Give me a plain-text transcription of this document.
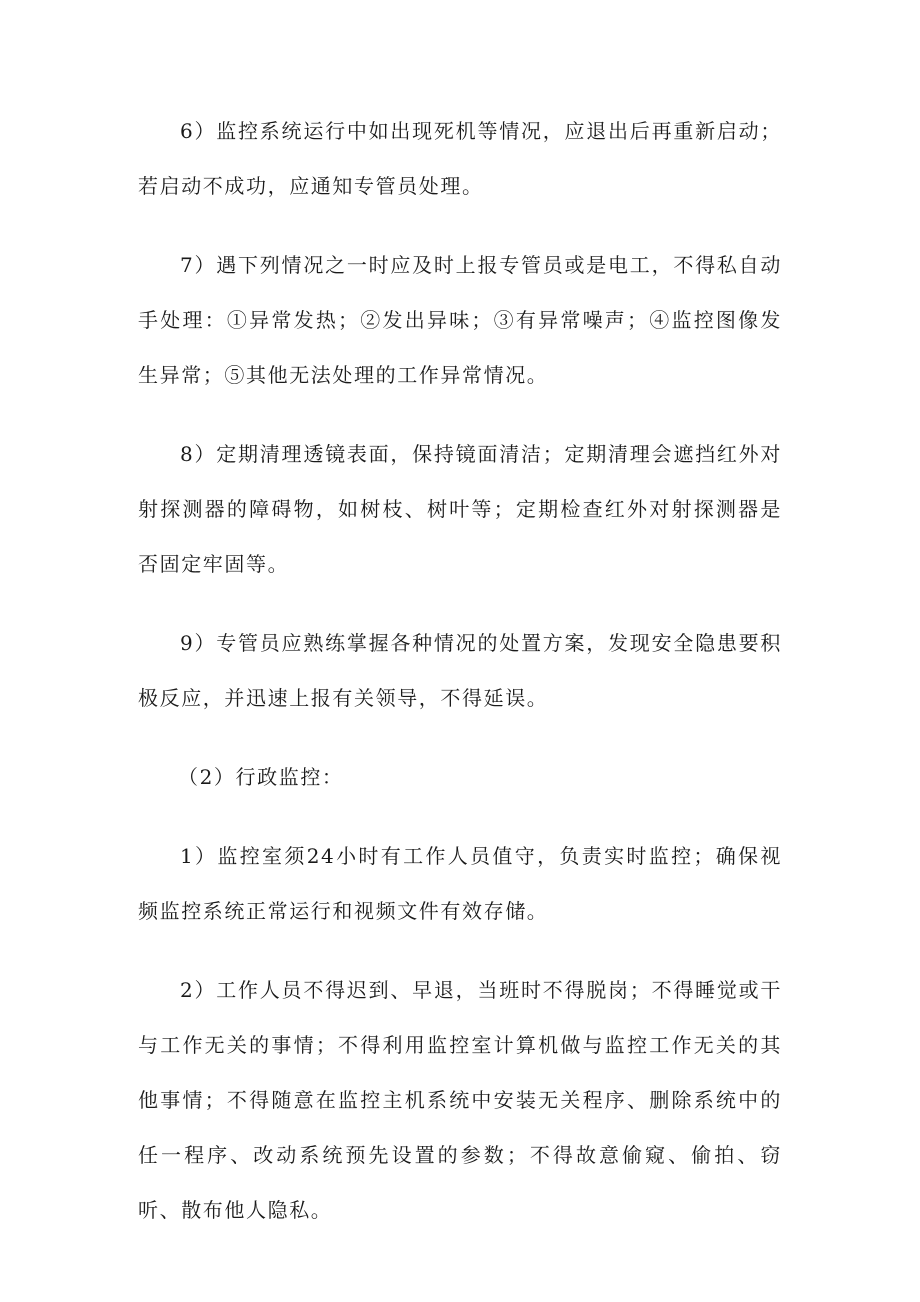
6）监控系统运行中如出现死机等情况，应退出后再重新启动；若启动不成功，应通知专管员处理。

7）遇下列情况之一时应及时上报专管员或是电工，不得私自动手处理：①异常发热；②发出异味；③有异常噪声；④监控图像发生异常；⑤其他无法处理的工作异常情况。

8）定期清理透镜表面，保持镜面清洁；定期清理会遮挡红外对射探测器的障碍物，如树枝、树叶等；定期检查红外对射探测器是否固定牢固等。

9）专管员应熟练掌握各种情况的处置方案，发现安全隐患要积极反应，并迅速上报有关领导，不得延误。

（2）行政监控：

1）监控室须24小时有工作人员值守，负责实时监控；确保视频监控系统正常运行和视频文件有效存储。

2）工作人员不得迟到、早退，当班时不得脱岗；不得睡觉或干与工作无关的事情；不得利用监控室计算机做与监控工作无关的其他事情；不得随意在监控主机系统中安装无关程序、删除系统中的任一程序、改动系统预先设置的参数；不得故意偷窥、偷拍、窃听、散布他人隐私。
